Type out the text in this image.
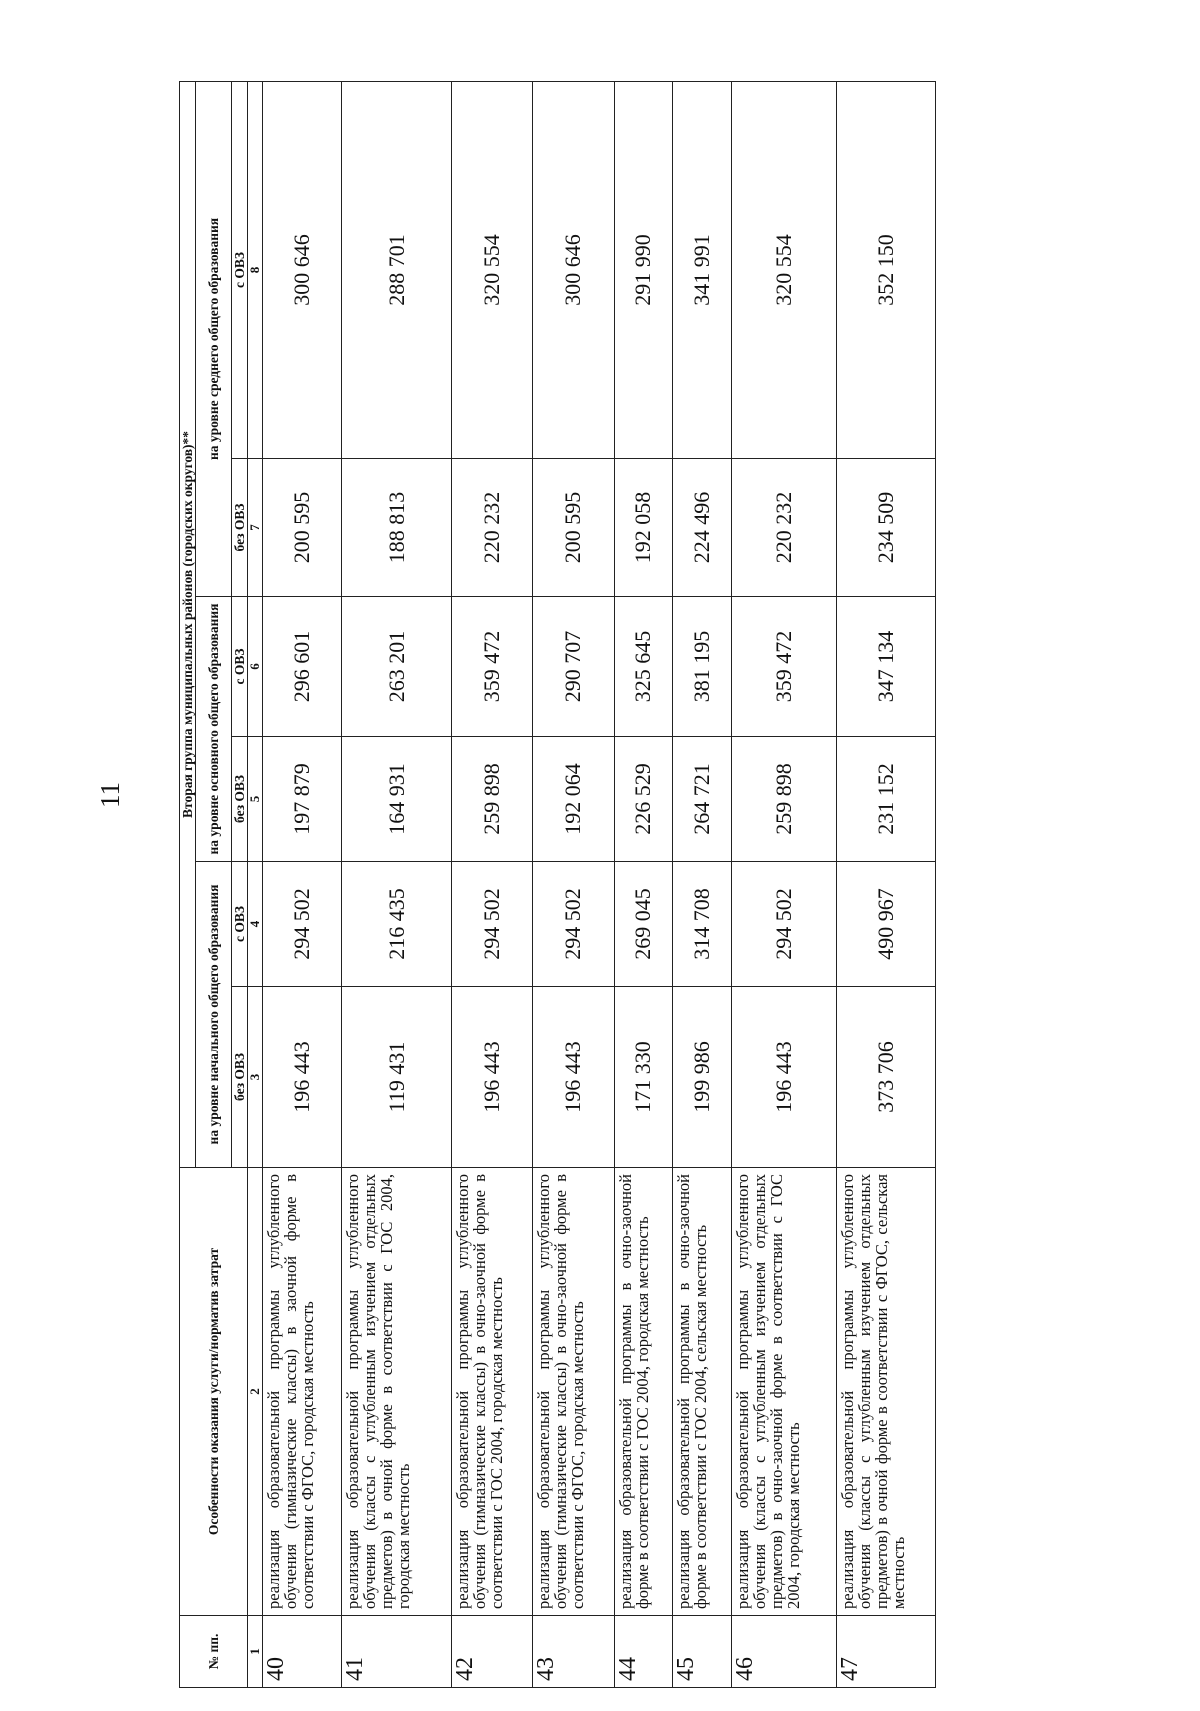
11
№ пп.	Особенности оказания услуги/норматив затрат	Вторая группа муниципальных районов (городских округов)**					
		на уровне начального общего образования		на уровне основного общего образования		на уровне среднего общего образования	
		без ОВЗ	с ОВЗ	без ОВЗ	с ОВЗ	без ОВЗ	с ОВЗ
1	2	3	4	5	6	7	8
40	реализация образовательной программы углубленного обучения (гимназические классы) в заочной форме в соответствии с ФГОС, городская местность	196 443	294 502	197 879	296 601	200 595	300 646
41	реализация образовательной программы углубленного обучения (классы с углубленным изучением отдельных предметов) в очной форме в соответствии с ГОС 2004, городская местность	119 431	216 435	164 931	263 201	188 813	288 701
42	реализация образовательной программы углубленного обучения (гимназические классы) в очно-заочной форме в соответствии с ГОС 2004, городская местность	196 443	294 502	259 898	359 472	220 232	320 554
43	реализация образовательной программы углубленного обучения (гимназические классы) в очно-заочной форме в соответствии с ФГОС, городская местность	196 443	294 502	192 064	290 707	200 595	300 646
44	реализация образовательной программы в очно-заочной форме в соответствии с ГОС 2004, городская местность	171 330	269 045	226 529	325 645	192 058	291 990
45	реализация образовательной программы в очно-заочной форме в соответствии с ГОС 2004, сельская местность	199 986	314 708	264 721	381 195	224 496	341 991
46	реализация образовательной программы углубленного обучения (классы с углубленным изучением отдельных предметов) в очно-заочной форме в соответствии с ГОС 2004, городская местность	196 443	294 502	259 898	359 472	220 232	320 554
47	реализация образовательной программы углубленного обучения (классы с углубленным изучением отдельных предметов) в очной форме в соответствии с ФГОС, сельская местность	373 706	490 967	231 152	347 134	234 509	352 150
